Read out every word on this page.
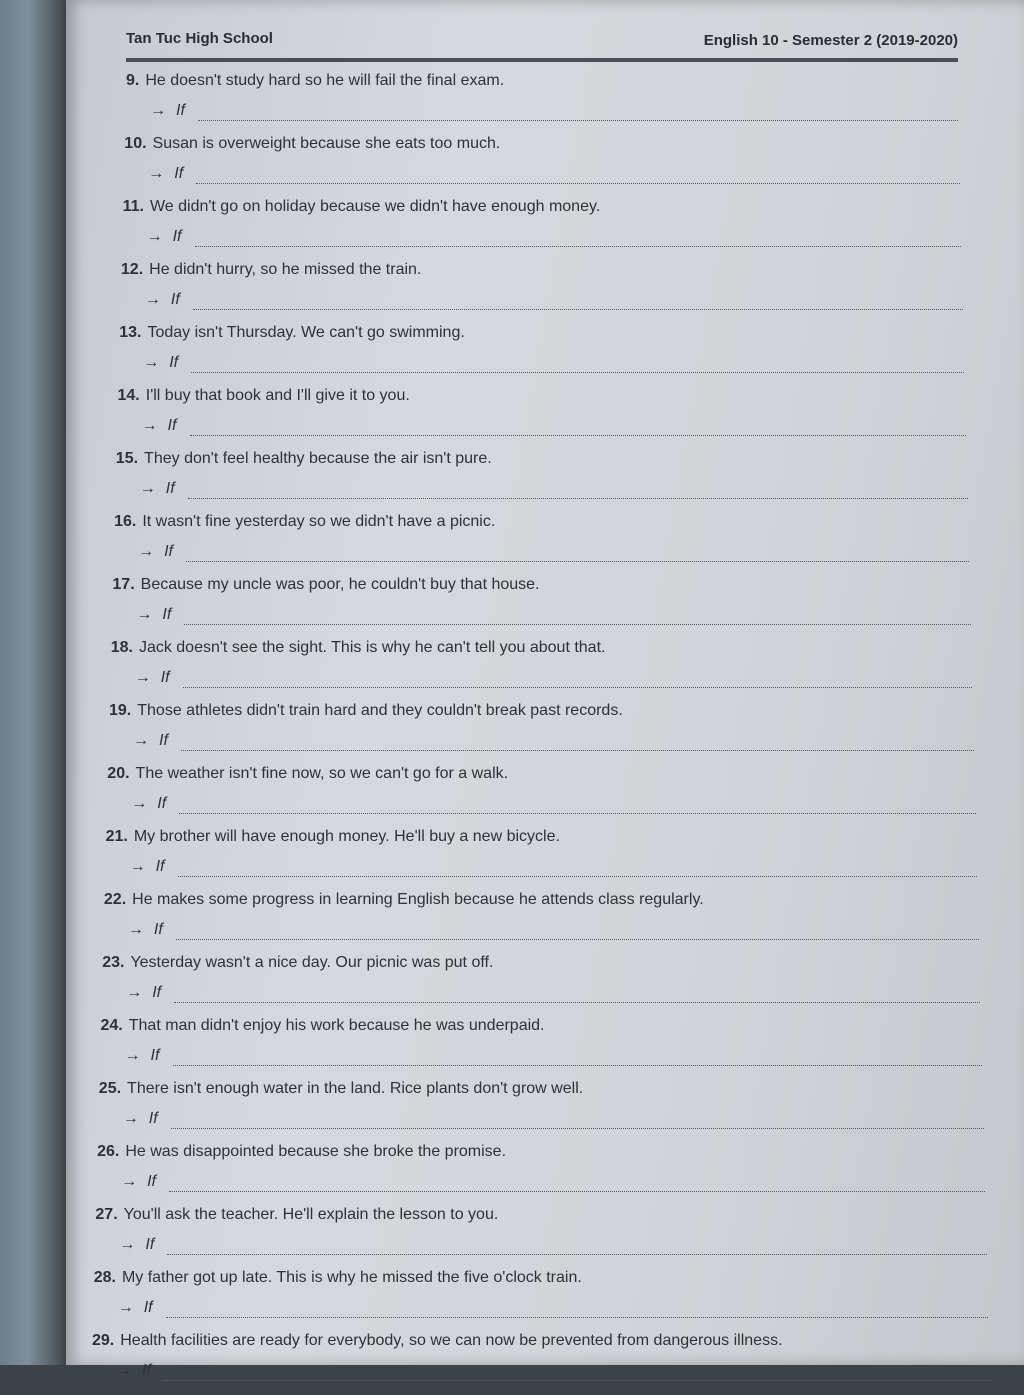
Tan Tuc High School	English 10 - Semester 2 (2019-2020)
9. He doesn't study hard so he will fail the final exam.
→ If
10. Susan is overweight because she eats too much.
→ If
11. We didn't go on holiday because we didn't have enough money.
→ If
12. He didn't hurry, so he missed the train.
→ If
13. Today isn't Thursday. We can't go swimming.
→ If
14. I'll buy that book and I'll give it to you.
→ If
15. They don't feel healthy because the air isn't pure.
→ If
16. It wasn't fine yesterday so we didn't have a picnic.
→ If
17. Because my uncle was poor, he couldn't buy that house.
→ If
18. Jack doesn't see the sight. This is why he can't tell you about that.
→ If
19. Those athletes didn't train hard and they couldn't break past records.
→ If
20. The weather isn't fine now, so we can't go for a walk.
→ If
21. My brother will have enough money. He'll buy a new bicycle.
→ If
22. He makes some progress in learning English because he attends class regularly.
→ If
23. Yesterday wasn't a nice day. Our picnic was put off.
→ If
24. That man didn't enjoy his work because he was underpaid.
→ If
25. There isn't enough water in the land. Rice plants don't grow well.
→ If
26. He was disappointed because she broke the promise.
→ If
27. You'll ask the teacher. He'll explain the lesson to you.
→ If
28. My father got up late. This is why he missed the five o'clock train.
→ If
29. Health facilities are ready for everybody, so we can now be prevented from dangerous illness.
→ If
